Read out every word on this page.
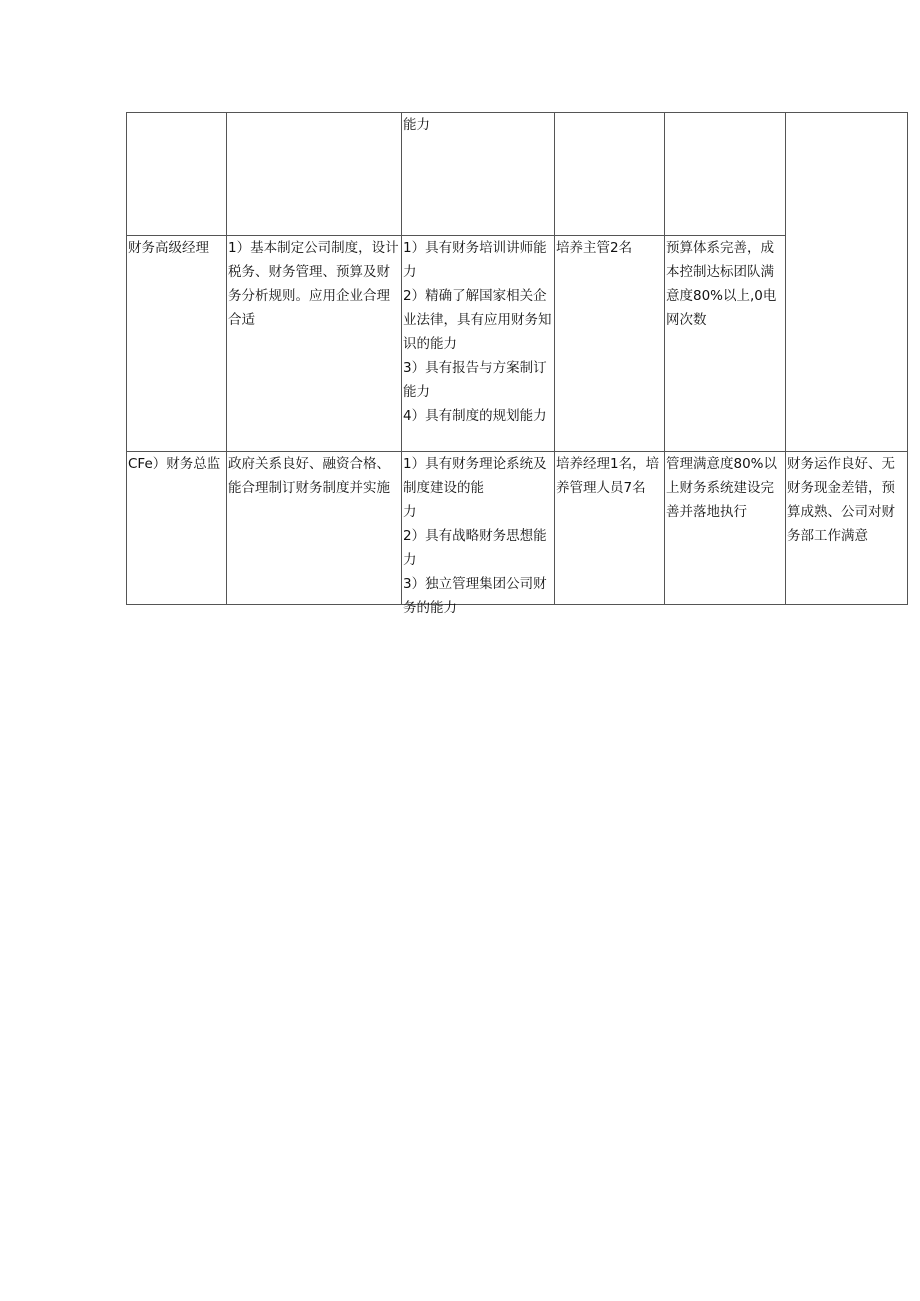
		能力			

财务高级经理	1）基本制定公司制度，设计税务、财务管理、预算及财务分析规则。应用企业合理合适	1）具有财务培训讲师能力
2）精确了解国家相关企业法律，具有应用财务知识的能力
3）具有报告与方案制订能力
4）具有制度的规划能力	培养主管2名	预算体系完善，成本控制达标团队满意度80%以上,0电网次数	
CFe）财务总监	政府关系良好、融资合格、能合理制订财务制度并实施	1）具有财务理论系统及制度建设的能
力
2）具有战略财务思想能力
3）独立管理集团公司财务的能力	培养经理1名，培养管理人员7名	管理满意度80%以上财务系统建设完善并落地执行	财务运作良好、无财务现金差错，预算成熟、公司对财务部工作满意
